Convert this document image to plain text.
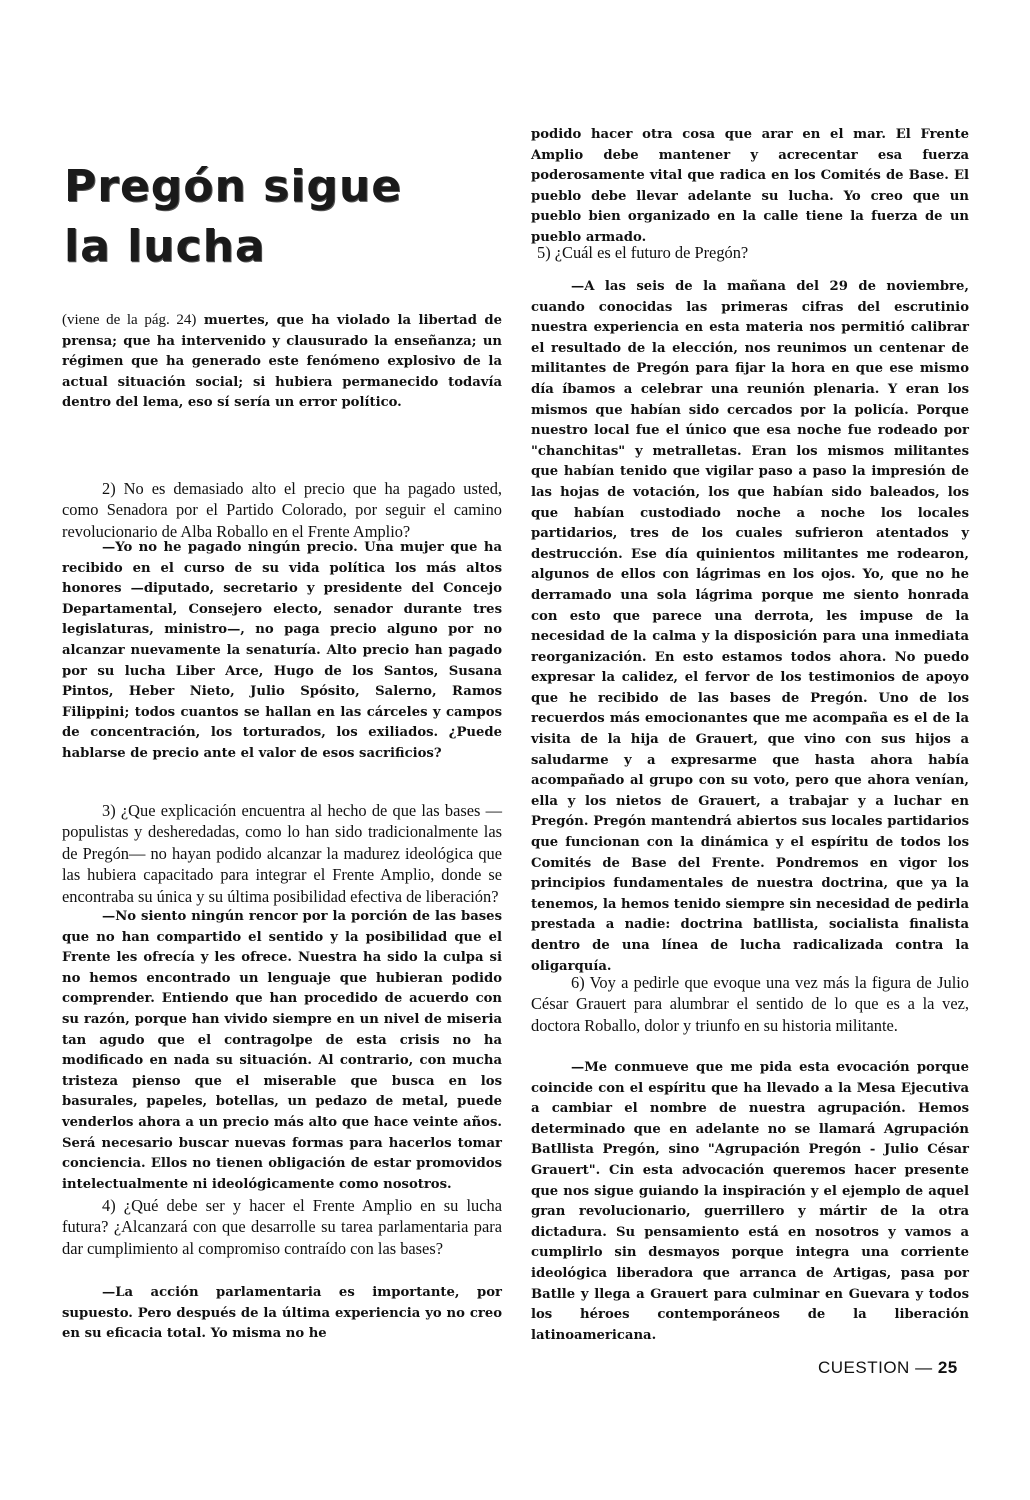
Pregón sigue
la lucha

(viene de la pág. 24) muertes, que ha violado la libertad de prensa; que ha intervenido y clausurado la enseñanza; un régimen que ha generado este fenómeno explosivo de la actual situación social; si hubiera permanecido todavía dentro del lema, eso sí sería un error político.

2) No es demasiado alto el precio que ha pagado usted, como Senadora por el Partido Colorado, por seguir el camino revolucionario de Alba Roballo en el Frente Amplio?

—Yo no he pagado ningún precio. Una mujer que ha recibido en el curso de su vida política los más altos honores —diputado, secretario y presidente del Concejo Departamental, Consejero electo, senador durante tres legislaturas, ministro—, no paga precio alguno por no alcanzar nuevamente la senaturía. Alto precio han pagado por su lucha Liber Arce, Hugo de los Santos, Susana Pintos, Heber Nieto, Julio Spósito, Salerno, Ramos Filippini; todos cuantos se hallan en las cárceles y campos de concentración, los torturados, los exiliados. ¿Puede hablarse de precio ante el valor de esos sacrificios?

3) ¿Que explicación encuentra al hecho de que las bases —populistas y desheredadas, como lo han sido tradicionalmente las de Pregón— no hayan podido alcanzar la madurez ideológica que las hubiera capacitado para integrar el Frente Amplio, donde se encontraba su única y su última posibilidad efectiva de liberación?

—No siento ningún rencor por la porción de las bases que no han compartido el sentido y la posibilidad que el Frente les ofrecía y les ofrece. Nuestra ha sido la culpa si no hemos encontrado un lenguaje que hubieran podido comprender. Entiendo que han procedido de acuerdo con su razón, porque han vivido siempre en un nivel de miseria tan agudo que el contragolpe de esta crisis no ha modificado en nada su situación. Al contrario, con mucha tristeza pienso que el miserable que busca en los basurales, papeles, botellas, un pedazo de metal, puede venderlos ahora a un precio más alto que hace veinte años. Será necesario buscar nuevas formas para hacerlos tomar conciencia. Ellos no tienen obligación de estar promovidos intelectualmente ni ideológicamente como nosotros.

4) ¿Qué debe ser y hacer el Frente Amplio en su lucha futura? ¿Alcanzará con que desarrolle su tarea parlamentaria para dar cumplimiento al compromiso contraído con las bases?

—La acción parlamentaria es importante, por supuesto. Pero después de la última experiencia yo no creo en su eficacia total. Yo misma no he

podido hacer otra cosa que arar en el mar. El Frente Amplio debe mantener y acrecentar esa fuerza poderosamente vital que radica en los Comités de Base. El pueblo debe llevar adelante su lucha. Yo creo que un pueblo bien organizado en la calle tiene la fuerza de un pueblo armado.

5) ¿Cuál es el futuro de Pregón?

—A las seis de la mañana del 29 de noviembre, cuando conocidas las primeras cifras del escrutinio nuestra experiencia en esta materia nos permitió calibrar el resultado de la elección, nos reunimos un centenar de militantes de Pregón para fijar la hora en que ese mismo día íbamos a celebrar una reunión plenaria. Y eran los mismos que habían sido cercados por la policía. Porque nuestro local fue el único que esa noche fue rodeado por "chanchitas" y metralletas. Eran los mismos militantes que habían tenido que vigilar paso a paso la impresión de las hojas de votación, los que habían sido baleados, los que habían custodiado noche a noche los locales partidarios, tres de los cuales sufrieron atentados y destrucción. Ese día quinientos militantes me rodearon, algunos de ellos con lágrimas en los ojos. Yo, que no he derramado una sola lágrima porque me siento honrada con esto que parece una derrota, les impuse de la necesidad de la calma y la disposición para una inmediata reorganización. En esto estamos todos ahora. No puedo expresar la calidez, el fervor de los testimonios de apoyo que he recibido de las bases de Pregón. Uno de los recuerdos más emocionantes que me acompaña es el de la visita de la hija de Grauert, que vino con sus hijos a saludarme y a expresarme que hasta ahora había acompañado al grupo con su voto, pero que ahora venían, ella y los nietos de Grauert, a trabajar y a luchar en Pregón. Pregón mantendrá abiertos sus locales partidarios que funcionan con la dinámica y el espíritu de todos los Comités de Base del Frente. Pondremos en vigor los principios fundamentales de nuestra doctrina, que ya la tenemos, la hemos tenido siempre sin necesidad de pedirla prestada a nadie: doctrina batllista, socialista finalista dentro de una línea de lucha radicalizada contra la oligarquía.

6) Voy a pedirle que evoque una vez más la figura de Julio César Grauert para alumbrar el sentido de lo que es a la vez, doctora Roballo, dolor y triunfo en su historia militante.

—Me conmueve que me pida esta evocación porque coincide con el espíritu que ha llevado a la Mesa Ejecutiva a cambiar el nombre de nuestra agrupación. Hemos determinado que en adelante no se llamará Agrupación Batllista Pregón, sino "Agrupación Pregón - Julio César Grauert". Cin esta advocación queremos hacer presente que nos sigue guiando la inspiración y el ejemplo de aquel gran revolucionario, guerrillero y mártir de la otra dictadura. Su pensamiento está en nosotros y vamos a cumplirlo sin desmayos porque integra una corriente ideológica liberadora que arranca de Artigas, pasa por Batlle y llega a Grauert para culminar en Guevara y todos los héroes contemporáneos de la liberación latinoamericana.

CUESTION — 25
